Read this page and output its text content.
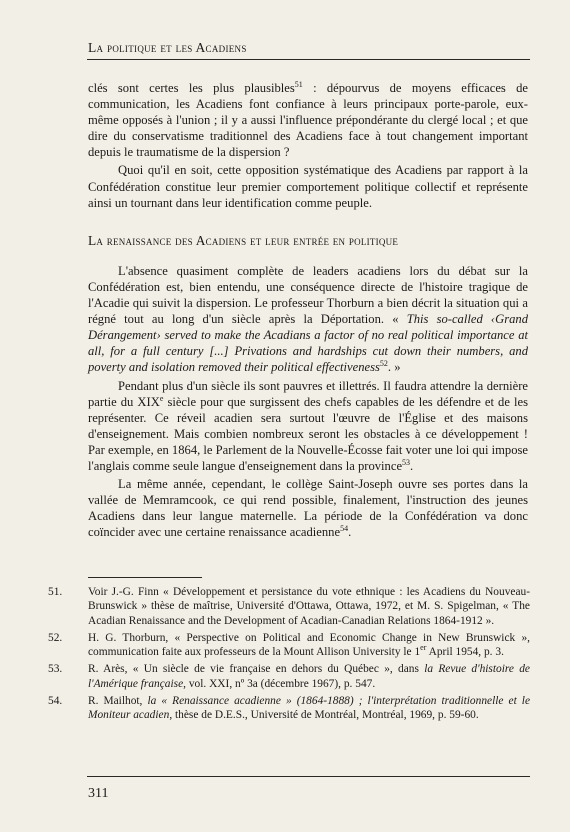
La politique et les Acadiens

clés sont certes les plus plausibles$^{51}$ : dépourvus de moyens efficaces de communication, les Acadiens font confiance à leurs principaux porte-parole, eux-même opposés à l'union ; il y a aussi l'influence prépondérante du clergé local ; et que dire du conservatisme traditionnel des Acadiens face à tout changement important depuis le traumatisme de la dispersion ?

Quoi qu'il en soit, cette opposition systématique des Acadiens par rapport à la Confédération constitue leur premier comportement politique collectif et représente ainsi un tournant dans leur identification comme peuple.

La renaissance des Acadiens et leur entrée en politique

L'absence quasiment complète de leaders acadiens lors du débat sur la Confédération est, bien entendu, une conséquence directe de l'histoire tragique de l'Acadie qui suivit la dispersion. Le professeur Thorburn a bien décrit la situation qui a régné tout au long d'un siècle après la Déportation. « This so-called ‹Grand Dérangement› served to make the Acadians a factor of no real political importance at all, for a full century [...] Privations and hardships cut down their numbers, and poverty and isolation removed their political effectiveness$^{52}$. »

Pendant plus d'un siècle ils sont pauvres et illettrés. Il faudra attendre la dernière partie du XIXe siècle pour que surgissent des chefs capables de les défendre et de les représenter. Ce réveil acadien sera surtout l'œuvre de l'Église et des maisons d'enseignement. Mais combien nombreux seront les obstacles à ce développement ! Par exemple, en 1864, le Parlement de la Nouvelle-Écosse fait voter une loi qui impose l'anglais comme seule langue d'enseignement dans la province$^{53}$.

La même année, cependant, le collège Saint-Joseph ouvre ses portes dans la vallée de Memramcook, ce qui rend possible, finalement, l'instruction des jeunes Acadiens dans leur langue maternelle. La période de la Confédération va donc coïncider avec une certaine renaissance acadienne$^{54}$.

51.	Voir J.-G. Finn « Développement et persistance du vote ethnique : les Acadiens du Nouveau-Brunswick » thèse de maîtrise, Université d'Ottawa, Ottawa, 1972, et M. S. Spigelman, « The Acadian Renaissance and the Development of Acadian-Canadian Relations 1864-1912 ».
52.	H. G. Thorburn, « Perspective on Political and Economic Change in New Brunswick », communication faite aux professeurs de la Mount Allison University le 1er April 1954, p. 3.
53.	R. Arès, « Un siècle de vie française en dehors du Québec », dans la Revue d'histoire de l'Amérique française, vol. XXI, nº 3a (décembre 1967), p. 547.
54.	R. Mailhot, la « Renaissance acadienne » (1864-1888) ; l'interprétation traditionnelle et le Moniteur acadien, thèse de D.E.S., Université de Montréal, Montréal, 1969, p. 59-60.
311
